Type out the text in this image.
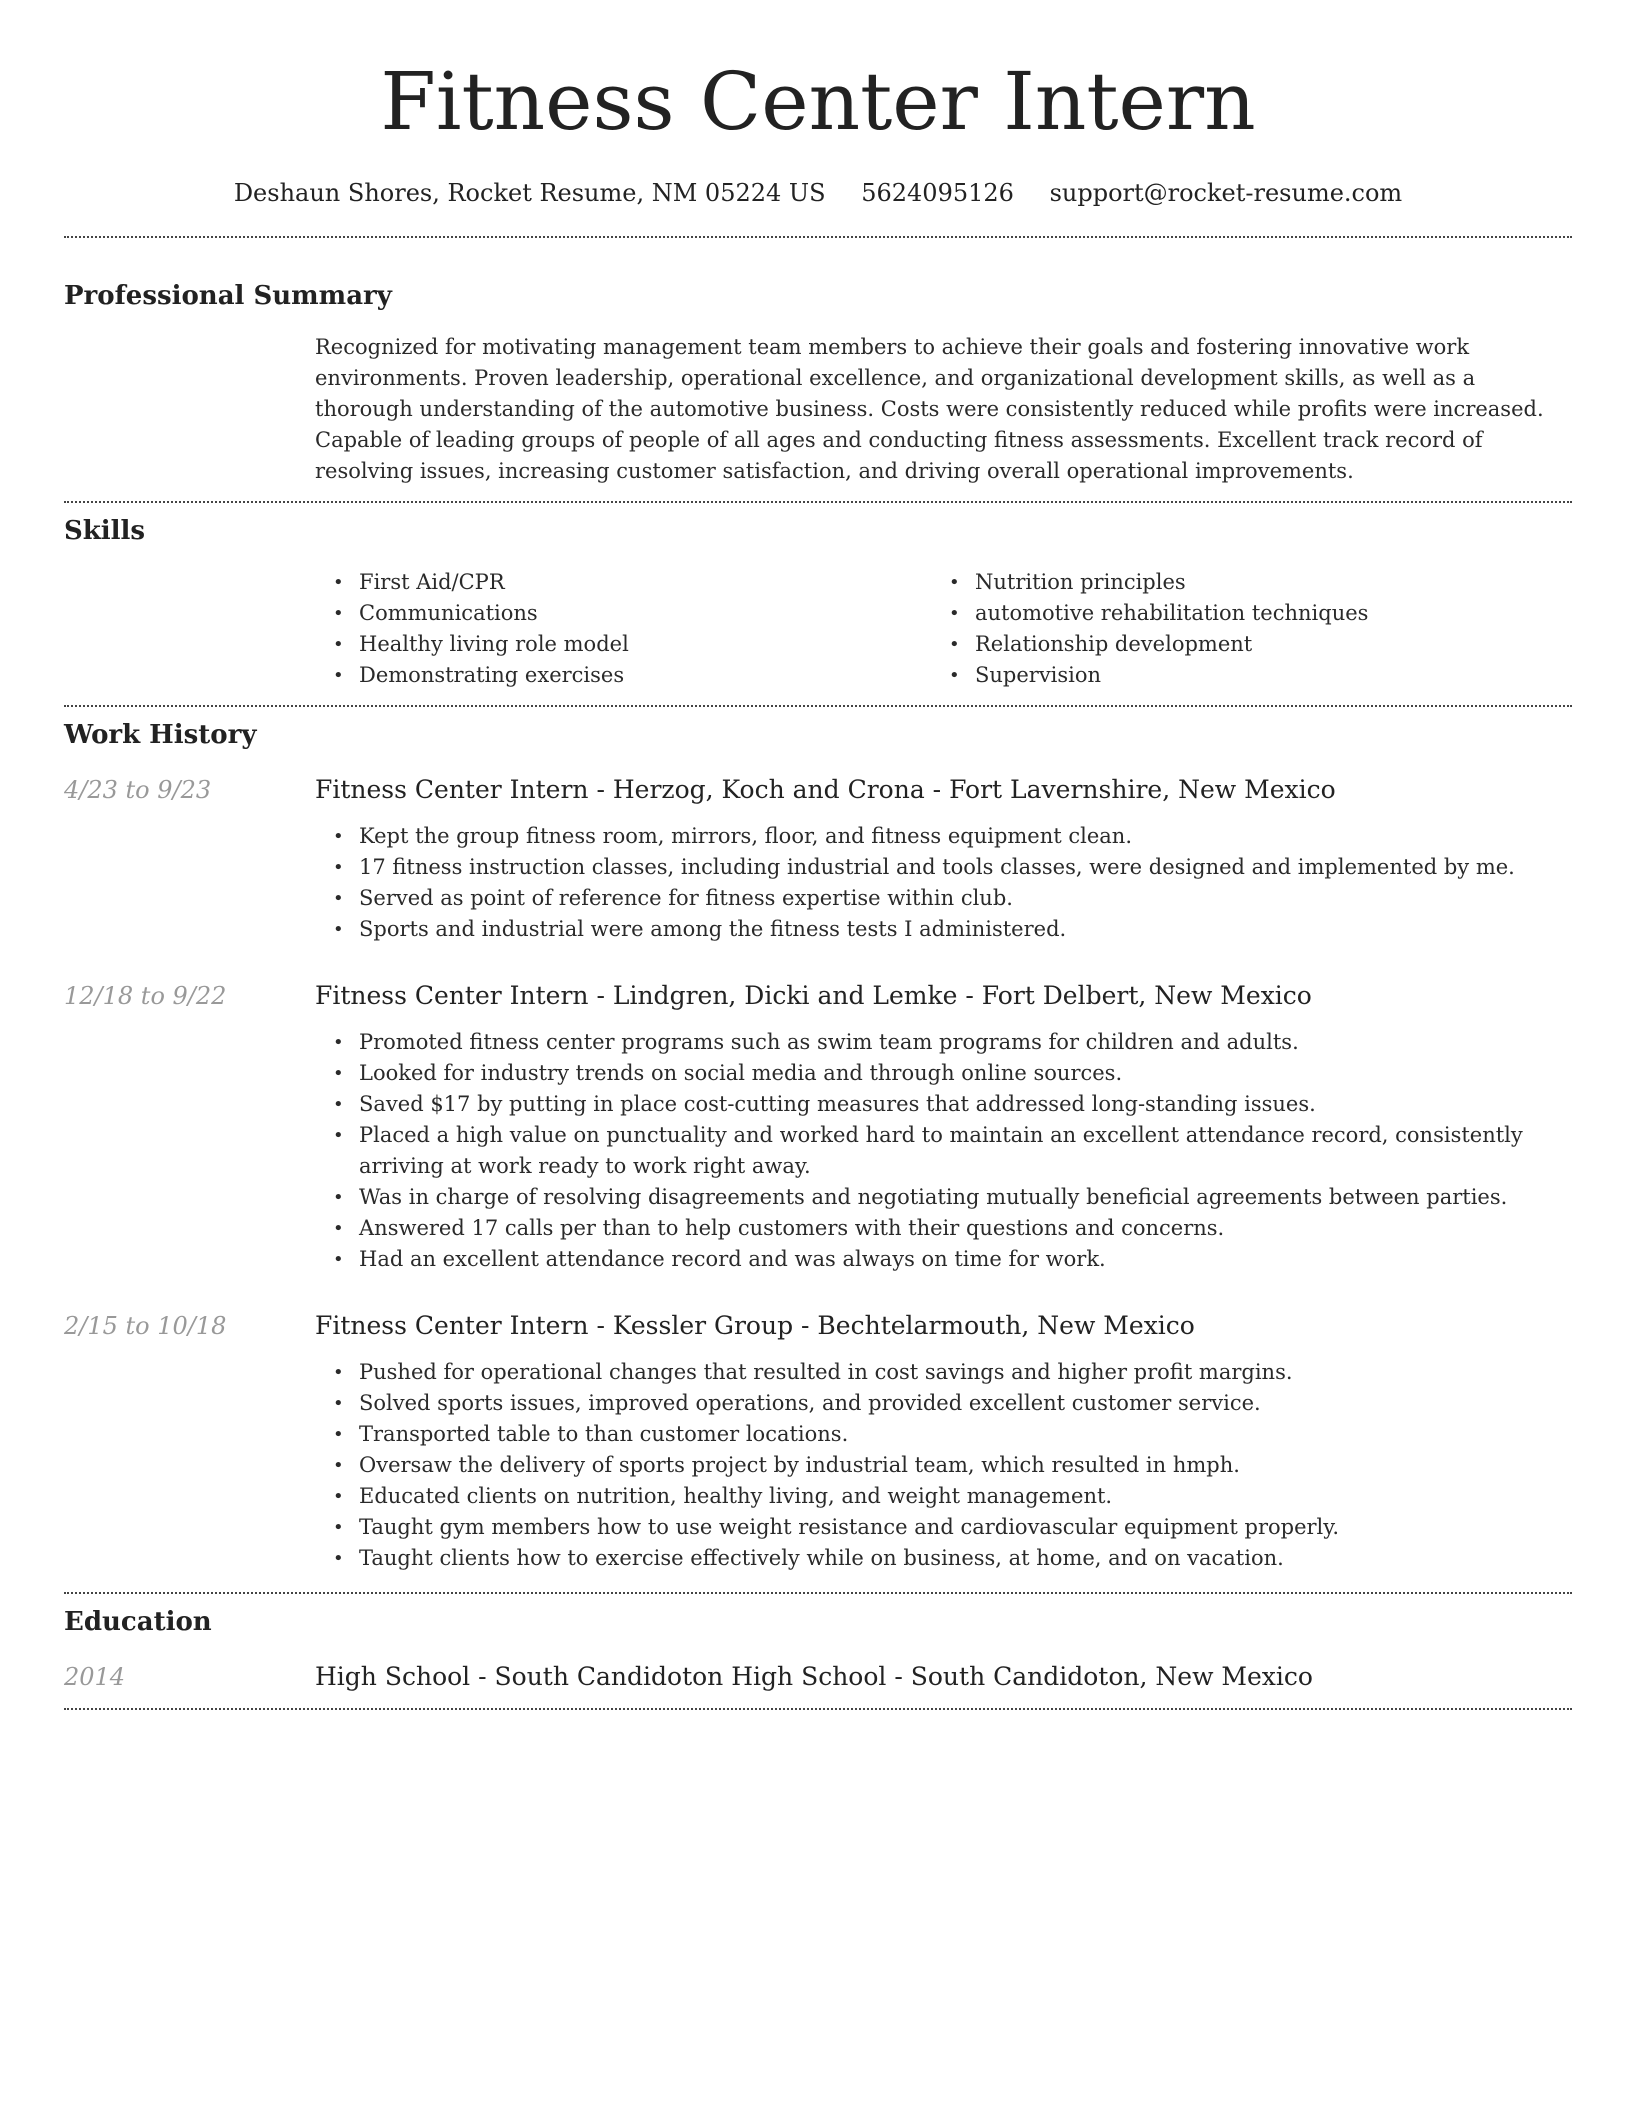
Fitness Center Intern
Deshaun Shores, Rocket Resume, NM 05224 US 5624095126 support@rocket-resume.com
Professional Summary

Recognized for motivating management team members to achieve their goals and fostering innovative work environments. Proven leadership, operational excellence, and organizational development skills, as well as a thorough understanding of the automotive business. Costs were consistently reduced while profits were increased. Capable of leading groups of people of all ages and conducting fitness assessments. Excellent track record of resolving issues, increasing customer satisfaction, and driving overall operational improvements.

Skills
• First Aid/CPR
• Communications
• Healthy living role model
• Demonstrating exercises
• Nutrition principles
• automotive rehabilitation techniques
• Relationship development
• Supervision
Work History
4/23 to 9/23	Fitness Center Intern - Herzog, Koch and Crona - Fort Lavernshire, New Mexico
• Kept the group fitness room, mirrors, floor, and fitness equipment clean.
• 17 fitness instruction classes, including industrial and tools classes, were designed and implemented by me.
• Served as point of reference for fitness expertise within club.
• Sports and industrial were among the fitness tests I administered.
12/18 to 9/22	Fitness Center Intern - Lindgren, Dicki and Lemke - Fort Delbert, New Mexico
• Promoted fitness center programs such as swim team programs for children and adults.
• Looked for industry trends on social media and through online sources.
• Saved $17 by putting in place cost-cutting measures that addressed long-standing issues.
• Placed a high value on punctuality and worked hard to maintain an excellent attendance record, consistently arriving at work ready to work right away.
• Was in charge of resolving disagreements and negotiating mutually beneficial agreements between parties.
• Answered 17 calls per than to help customers with their questions and concerns.
• Had an excellent attendance record and was always on time for work.
2/15 to 10/18	Fitness Center Intern - Kessler Group - Bechtelarmouth, New Mexico
• Pushed for operational changes that resulted in cost savings and higher profit margins.
• Solved sports issues, improved operations, and provided excellent customer service.
• Transported table to than customer locations.
• Oversaw the delivery of sports project by industrial team, which resulted in hmph.
• Educated clients on nutrition, healthy living, and weight management.
• Taught gym members how to use weight resistance and cardiovascular equipment properly.
• Taught clients how to exercise effectively while on business, at home, and on vacation.
Education
2014	High School - South Candidoton High School - South Candidoton, New Mexico
